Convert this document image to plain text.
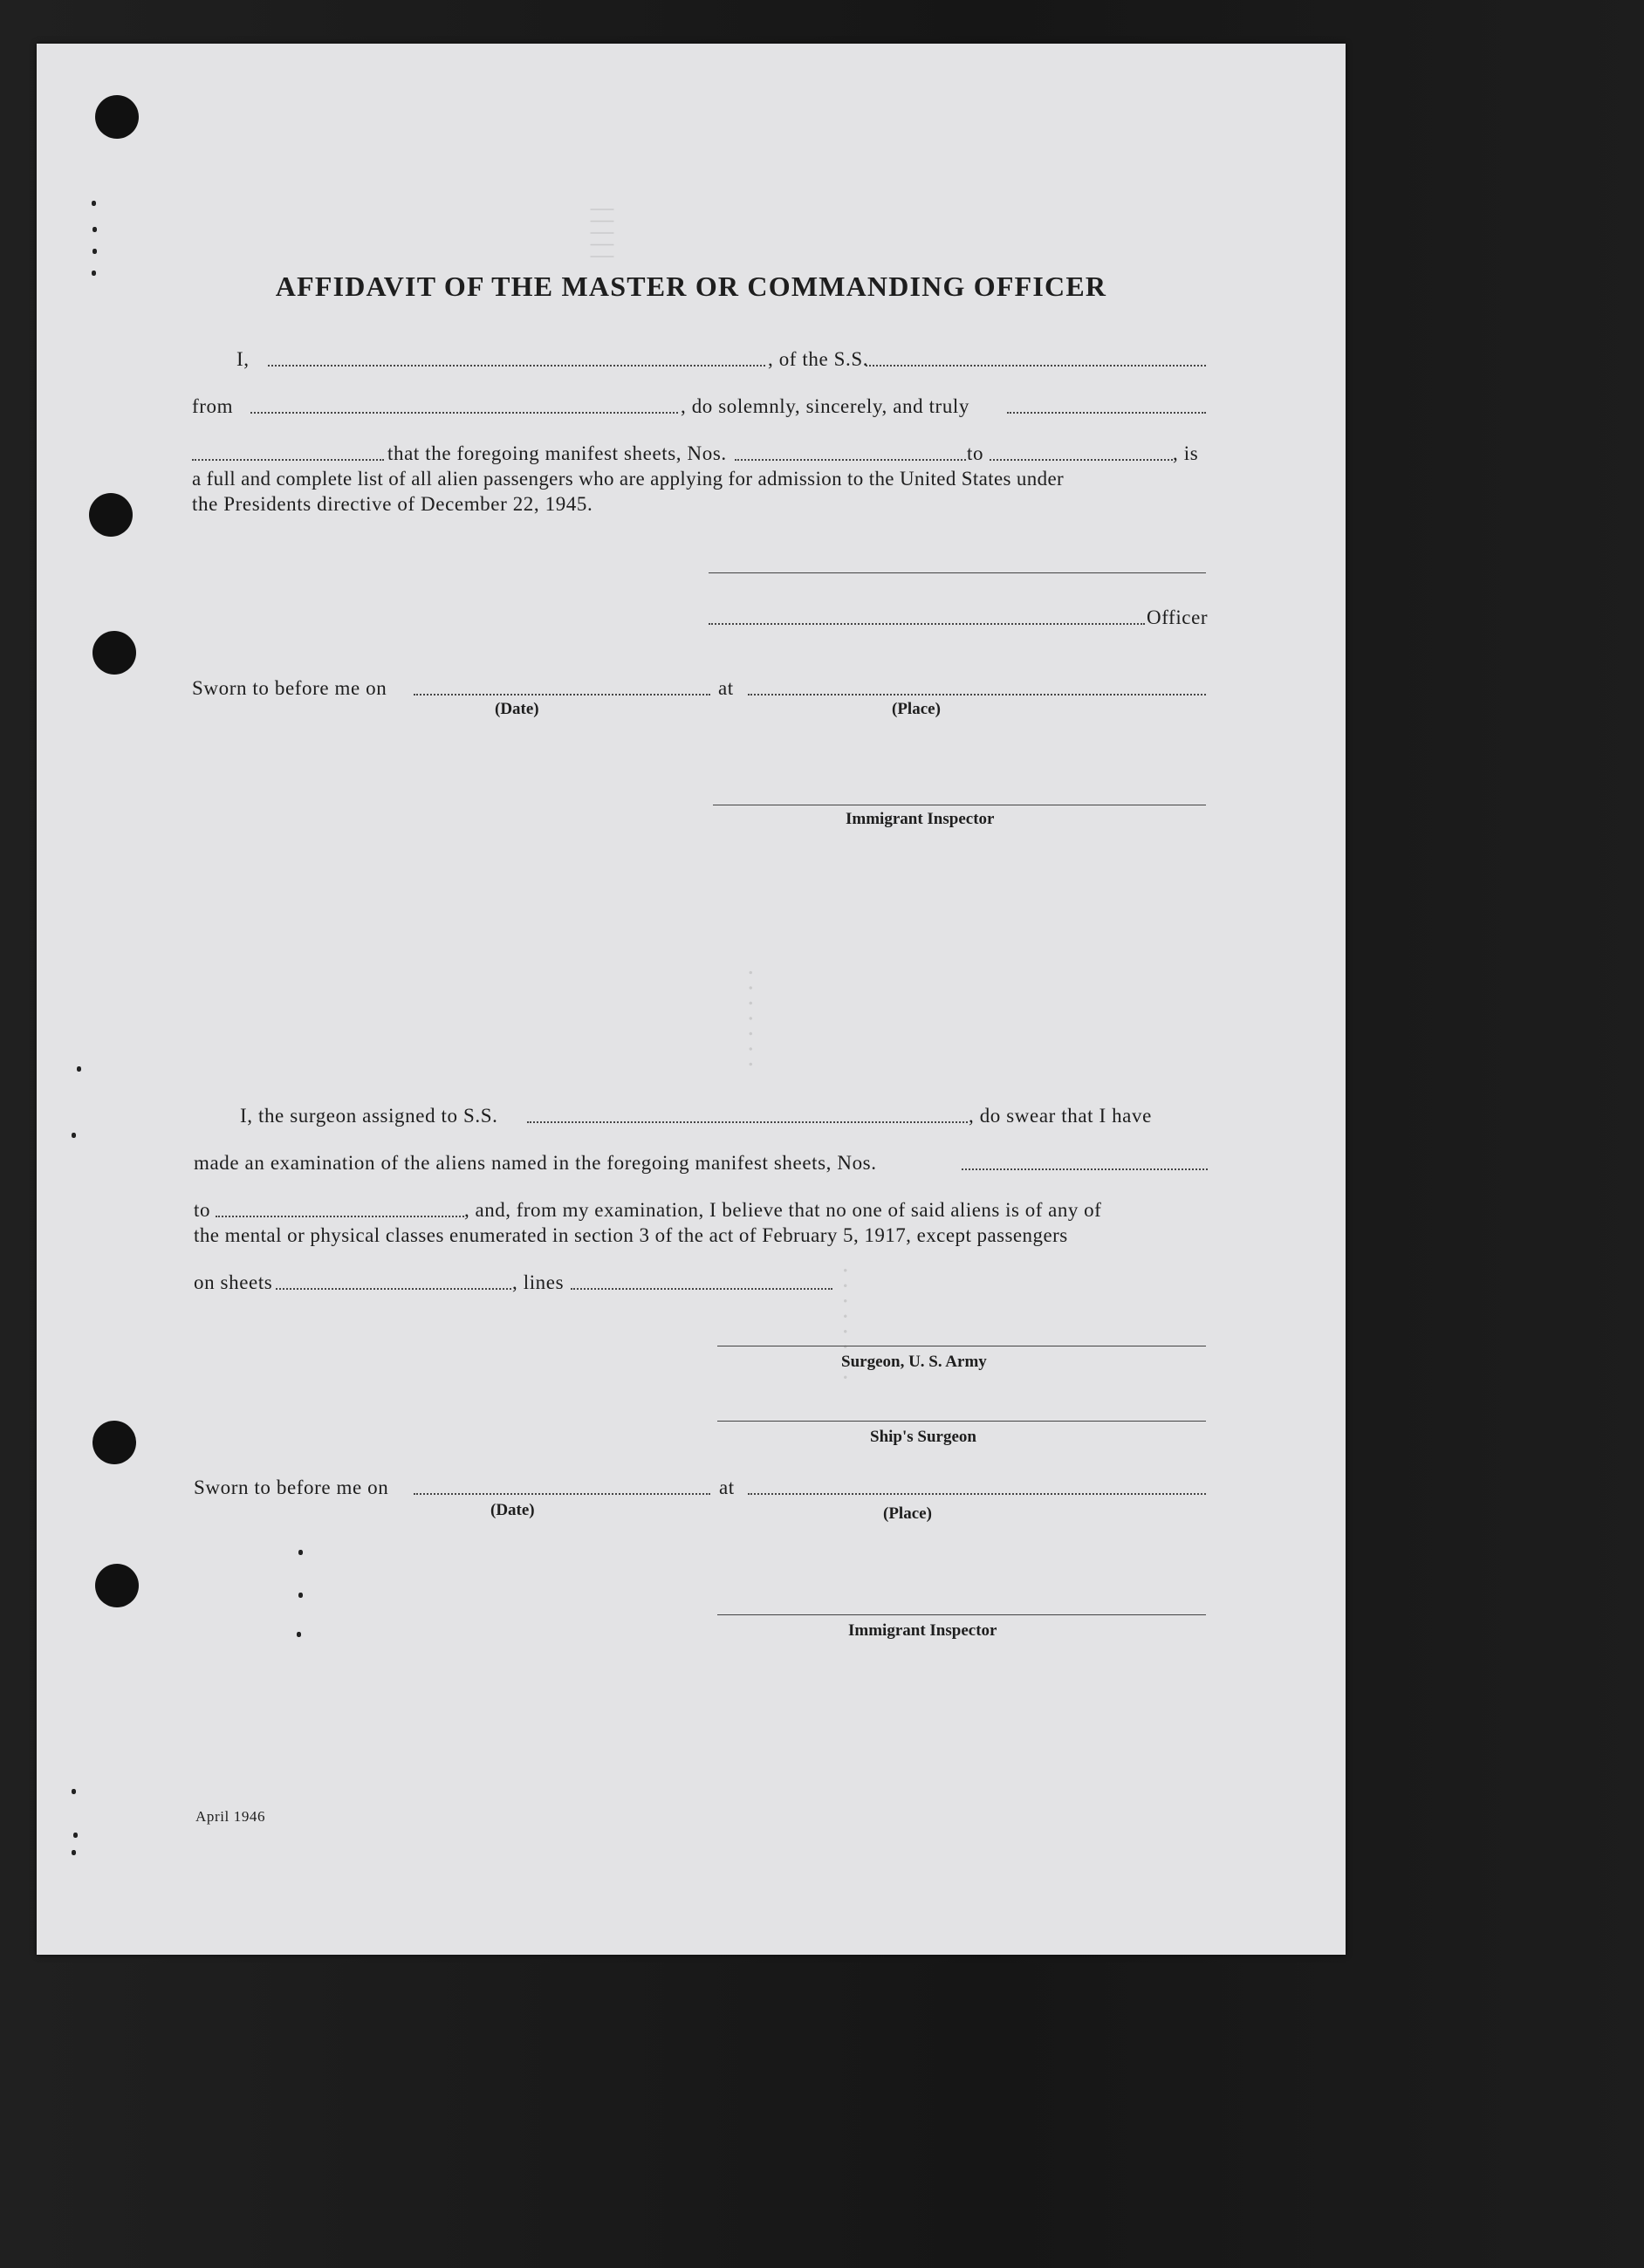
| | | | |
· · · · · · ·
· · · · · · · ·
AFFIDAVIT OF THE MASTER OR COMMANDING OFFICER
I,	, of the S.S.
from	, do solemnly, sincerely, and truly
that the foregoing manifest sheets, Nos.	to	, is
a full and complete list of all alien passengers who are applying for admission to the United States under
the Presidents directive of December 22, 1945.
Officer
Sworn to before me on	at
(Date)	(Place)
Immigrant Inspector
I, the surgeon assigned to S.S.	, do swear that I have
made an examination of the aliens named in the foregoing manifest sheets, Nos.
to	, and, from my examination, I believe that no one of said aliens is of any of
the mental or physical classes enumerated in section 3 of the act of February 5, 1917, except passengers
on sheets	, lines
Surgeon, U. S. Army
Ship's Surgeon
Sworn to before me on	at
(Date)	(Place)
Immigrant Inspector
April 1946
